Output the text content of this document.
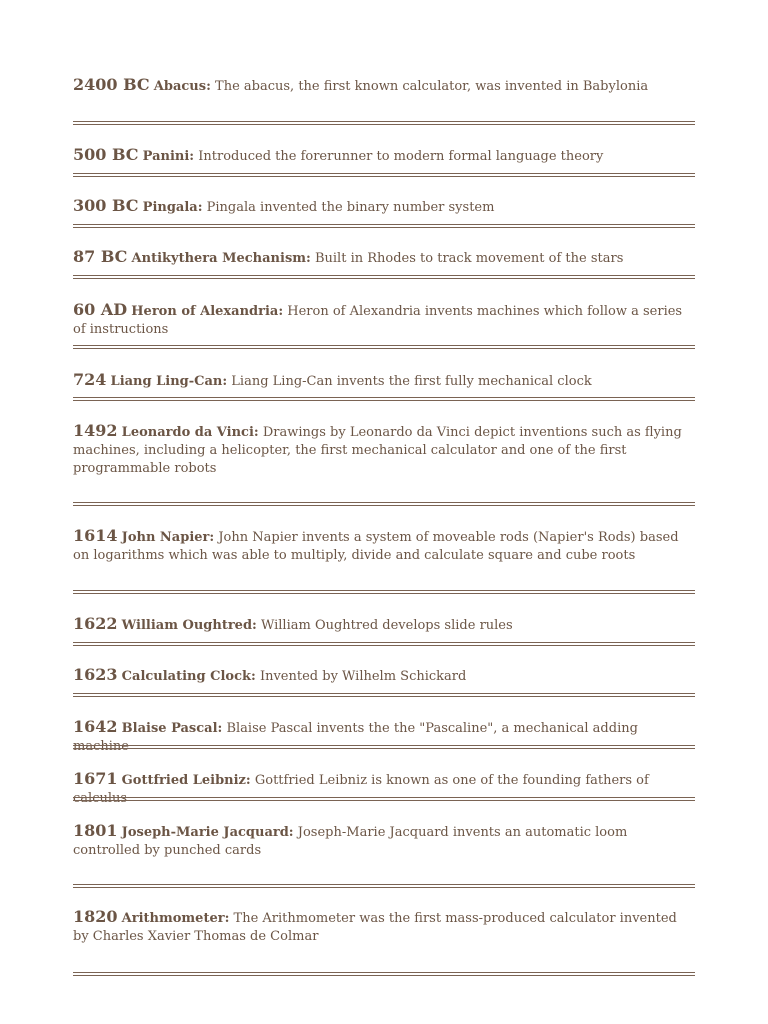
2400 BC Abacus: The abacus, the first known calculator, was invented in Babylonia
500 BC Panini: Introduced the forerunner to modern formal language theory
300 BC Pingala: Pingala invented the binary number system
87 BC Antikythera Mechanism: Built in Rhodes to track movement of the stars
60 AD Heron of Alexandria: Heron of Alexandria invents machines which follow a series of instructions
724 Liang Ling-Can: Liang Ling-Can invents the first fully mechanical clock
1492 Leonardo da Vinci: Drawings by Leonardo da Vinci depict inventions such as flying machines, including a helicopter, the first mechanical calculator and one of the first programmable robots
1614 John Napier: John Napier invents a system of moveable rods (Napier's Rods) based on logarithms which was able to multiply, divide and calculate square and cube roots
1622 William Oughtred: William Oughtred develops slide rules
1623 Calculating Clock: Invented by Wilhelm Schickard
1642 Blaise Pascal: Blaise Pascal invents the the "Pascaline", a mechanical adding machine
1671 Gottfried Leibniz: Gottfried Leibniz is known as one of the founding fathers of calculus
1801 Joseph-Marie Jacquard: Joseph-Marie Jacquard invents an automatic loom controlled by punched cards
1820 Arithmometer: The Arithmometer was the first mass-produced calculator invented by Charles Xavier Thomas de Colmar
